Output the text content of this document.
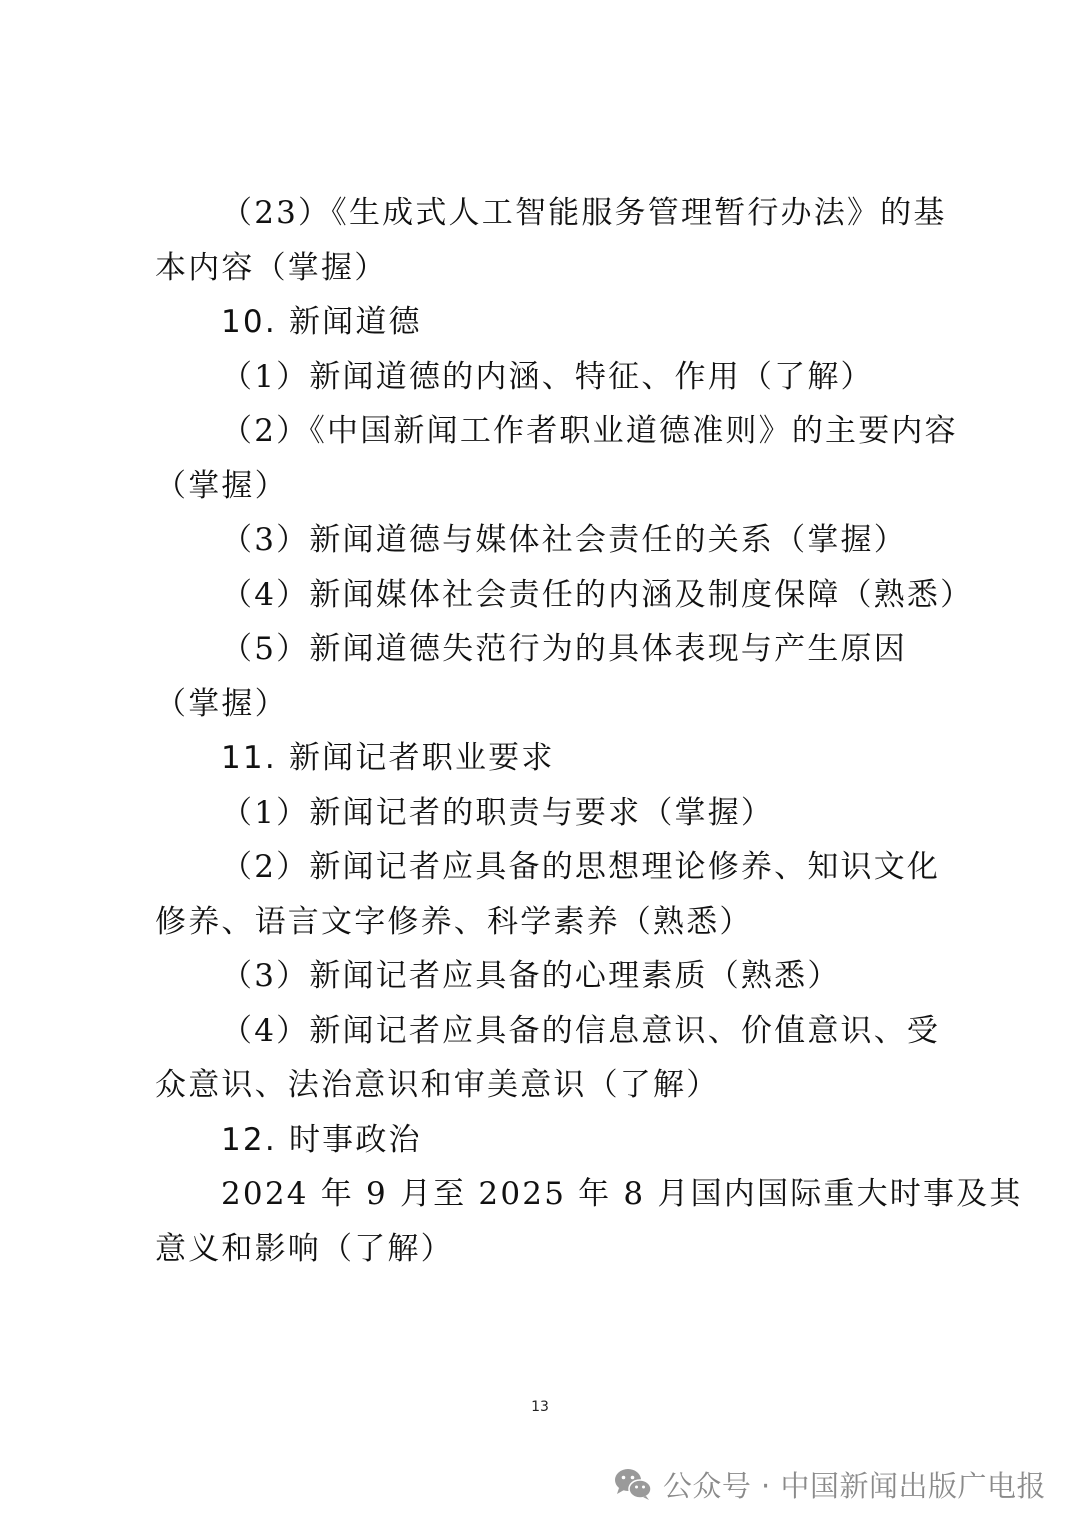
（23）《生成式人工智能服务管理暂行办法》的基
本内容（掌握）
10. 新闻道德
（1）新闻道德的内涵、特征、作用（了解）
（2）《中国新闻工作者职业道德准则》的主要内容
（掌握）
（3）新闻道德与媒体社会责任的关系（掌握）
（4）新闻媒体社会责任的内涵及制度保障（熟悉）
（5）新闻道德失范行为的具体表现与产生原因
（掌握）
11. 新闻记者职业要求
（1）新闻记者的职责与要求（掌握）
（2）新闻记者应具备的思想理论修养、知识文化
修养、语言文字修养、科学素养（熟悉）
（3）新闻记者应具备的心理素质（熟悉）
（4）新闻记者应具备的信息意识、价值意识、受
众意识、法治意识和审美意识（了解）
12. 时事政治
2024 年 9 月至 2025 年 8 月国内国际重大时事及其
意义和影响（了解）
13
公众号 · 中国新闻出版广电报
